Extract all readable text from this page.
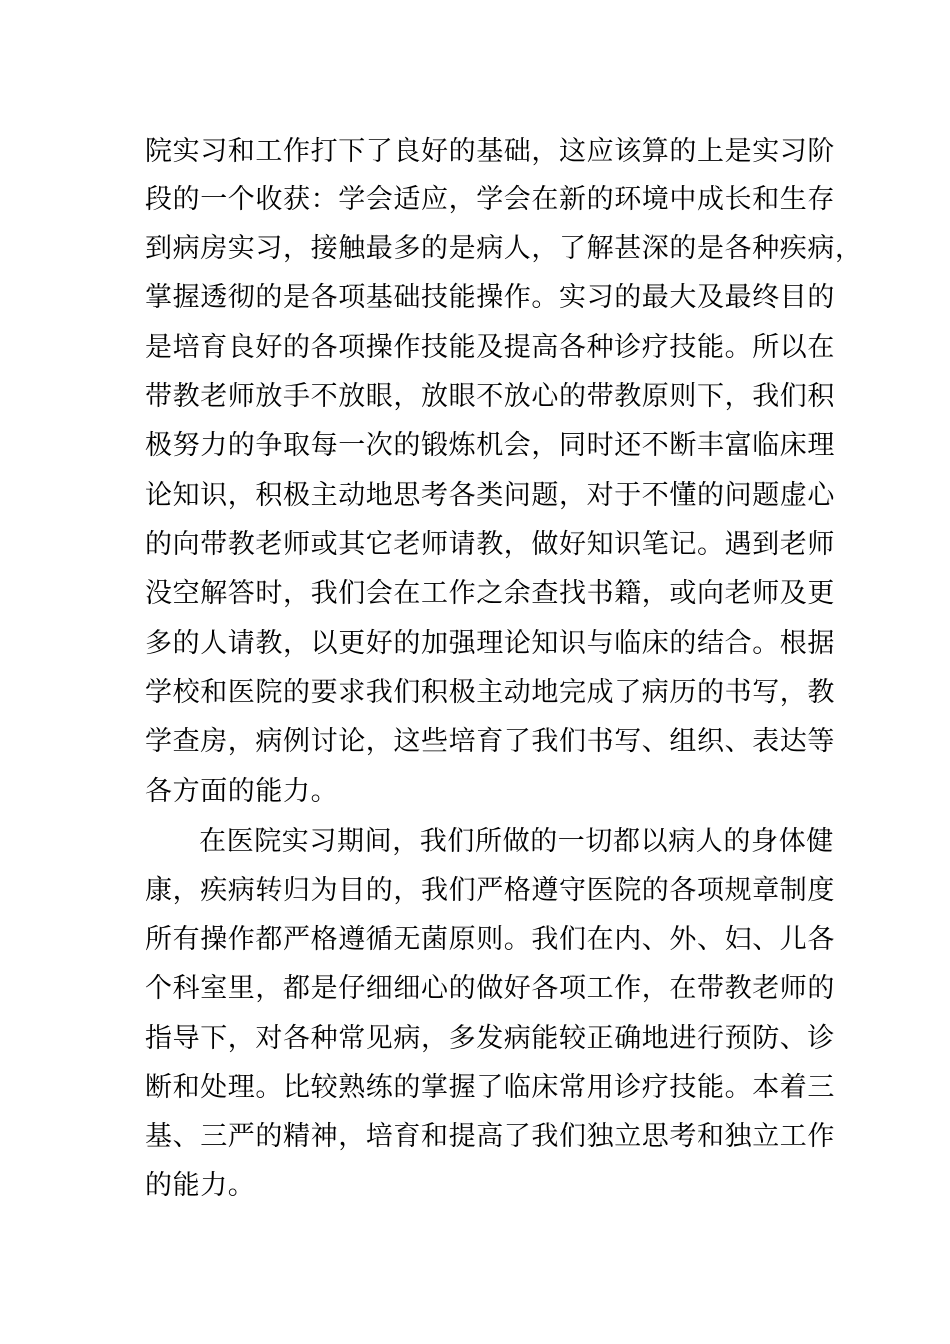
院实习和工作打下了良好的基础，这应该算的上是实习阶
段的一个收获：学会适应，学会在新的环境中成长和生存
到病房实习，接触最多的是病人，了解甚深的是各种疾病，
掌握透彻的是各项基础技能操作。实习的最大及最终目的
是培育良好的各项操作技能及提高各种诊疗技能。所以在
带教老师放手不放眼，放眼不放心的带教原则下，我们积
极努力的争取每一次的锻炼机会，同时还不断丰富临床理
论知识，积极主动地思考各类问题，对于不懂的问题虚心
的向带教老师或其它老师请教，做好知识笔记。遇到老师
没空解答时，我们会在工作之余查找书籍，或向老师及更
多的人请教，以更好的加强理论知识与临床的结合。根据
学校和医院的要求我们积极主动地完成了病历的书写，教
学查房，病例讨论，这些培育了我们书写、组织、表达等
各方面的能力。
在医院实习期间，我们所做的一切都以病人的身体健
康，疾病转归为目的，我们严格遵守医院的各项规章制度
所有操作都严格遵循无菌原则。我们在内、外、妇、儿各
个科室里，都是仔细细心的做好各项工作，在带教老师的
指导下，对各种常见病，多发病能较正确地进行预防、诊
断和处理。比较熟练的掌握了临床常用诊疗技能。本着三
基、三严的精神，培育和提高了我们独立思考和独立工作
的能力。
